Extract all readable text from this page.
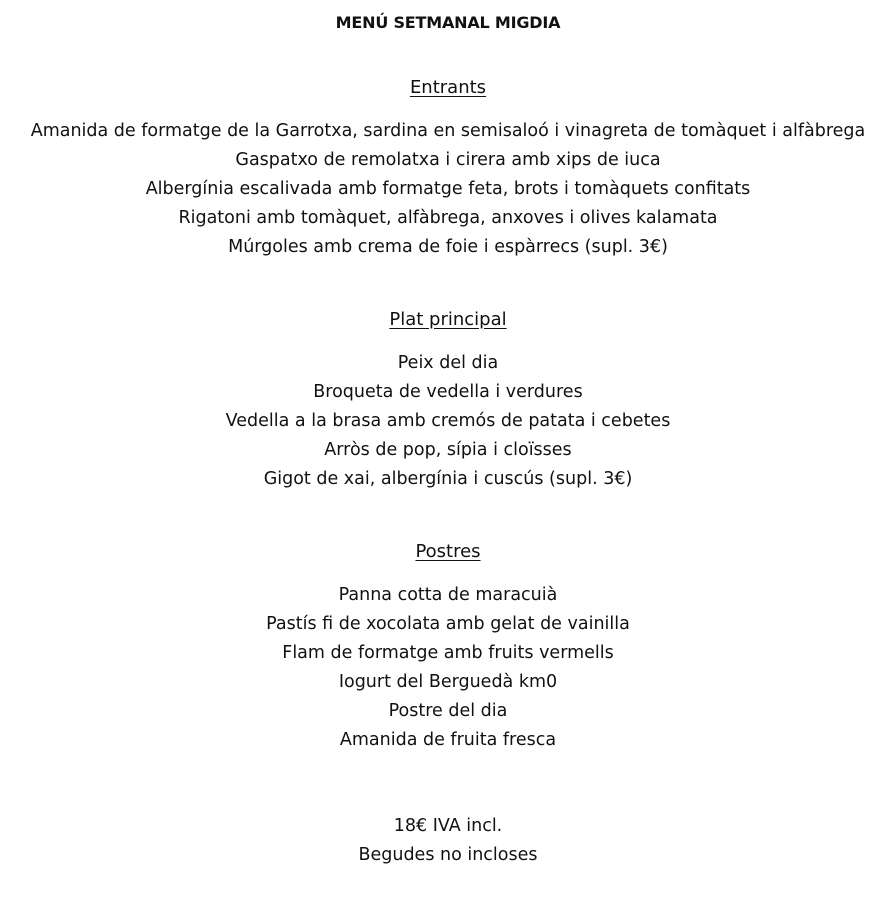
MENÚ SETMANAL MIGDIA
Entrants
Amanida de formatge de la Garrotxa, sardina en semisaloó i vinagreta de tomàquet i alfàbrega
Gaspatxo de remolatxa i cirera amb xips de iuca
Albergínia escalivada amb formatge feta, brots i tomàquets confitats
Rigatoni amb tomàquet, alfàbrega, anxoves i olives kalamata
Múrgoles amb crema de foie i espàrrecs (supl. 3€)
Plat principal
Peix del dia
Broqueta de vedella i verdures
Vedella a la brasa amb cremós de patata i cebetes
Arròs de pop, sípia i cloïsses
Gigot de xai, albergínia i cuscús (supl. 3€)
Postres
Panna cotta de maracuià
Pastís fi de xocolata amb gelat de vainilla
Flam de formatge amb fruits vermells
Iogurt del Berguedà km0
Postre del dia
Amanida de fruita fresca
18€ IVA incl.
Begudes no incloses
